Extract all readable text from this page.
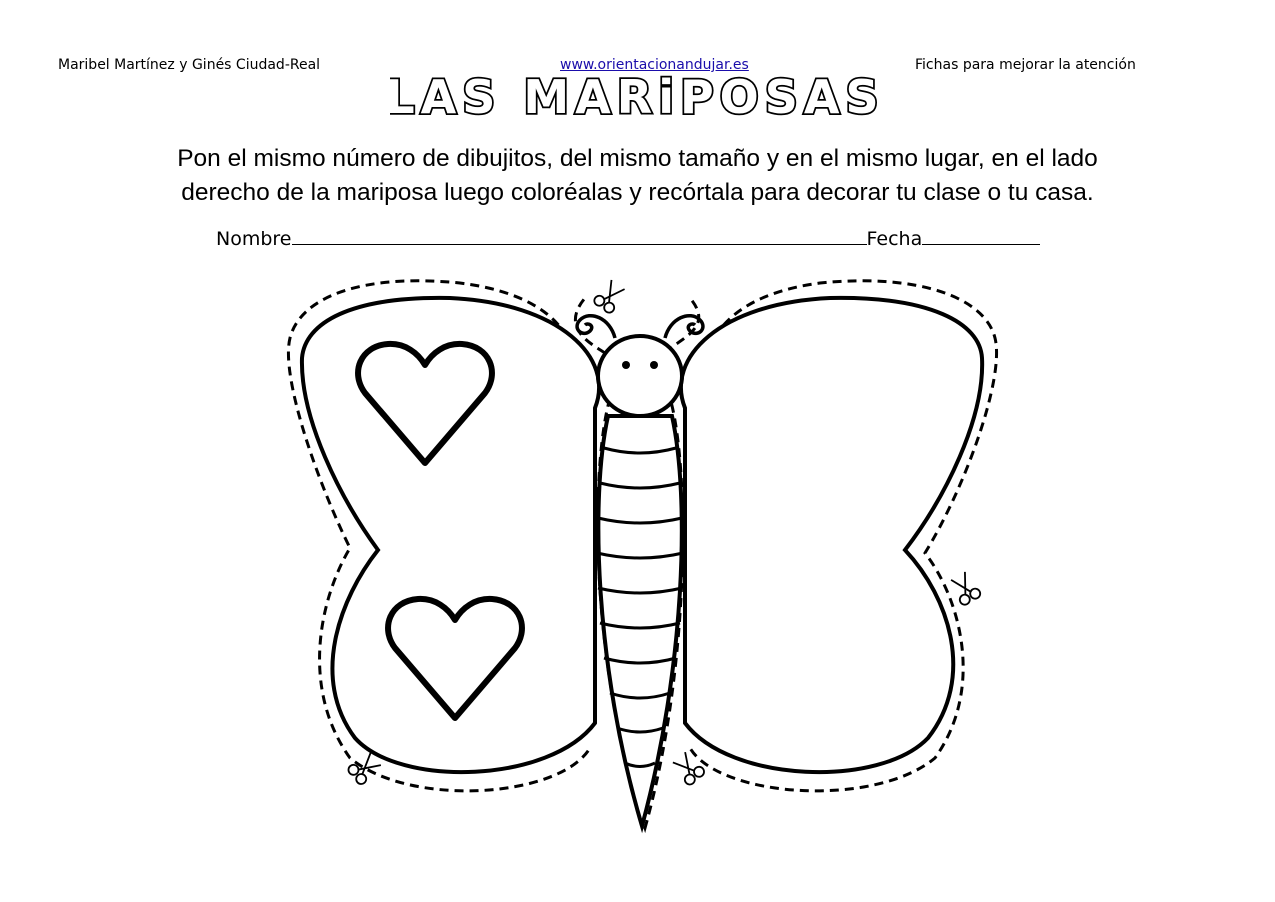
Maribel Martínez y Ginés Ciudad-Real	www.orientacionandujar.es	Fichas para mejorar la atención
LAS MARiPOSAS
Pon el mismo número de dibujitos, del mismo tamaño y en el mismo lugar, en el lado
derecho de la mariposa luego coloréalas y recórtala para decorar tu clase o tu casa.
Nombre	Fecha
